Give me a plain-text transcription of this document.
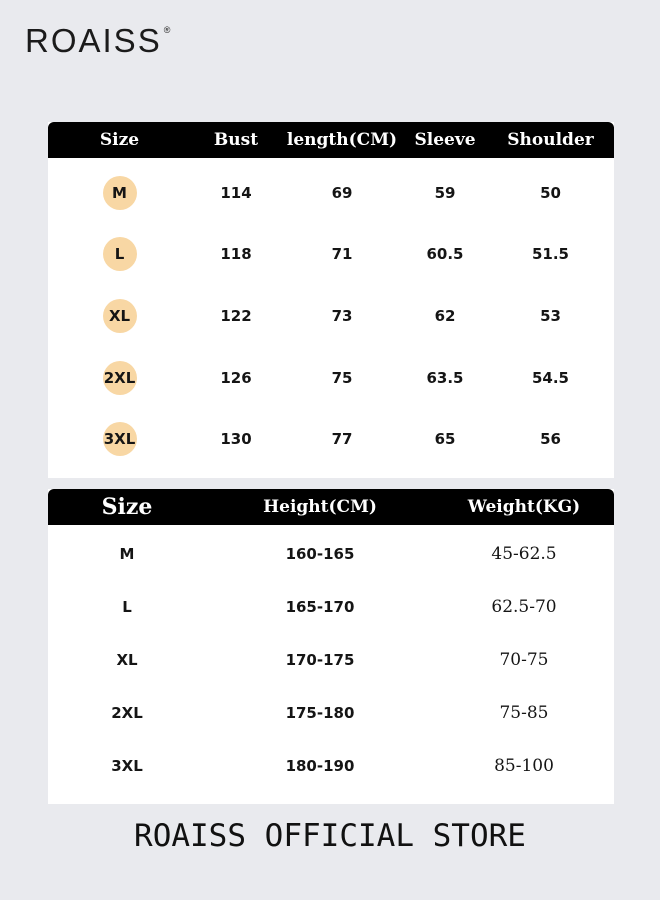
ROAISS ®
Size	Bust	length(CM)	Sleeve	Shoulder
M	114	69	59	50
L	118	71	60.5	51.5
XL	122	73	62	53
2XL	126	75	63.5	54.5
3XL	130	77	65	56
Size	Height(CM)	Weight(KG)
M	160-165	45-62.5
L	165-170	62.5-70
XL	170-175	70-75
2XL	175-180	75-85
3XL	180-190	85-100
ROAISS OFFICIAL STORE
